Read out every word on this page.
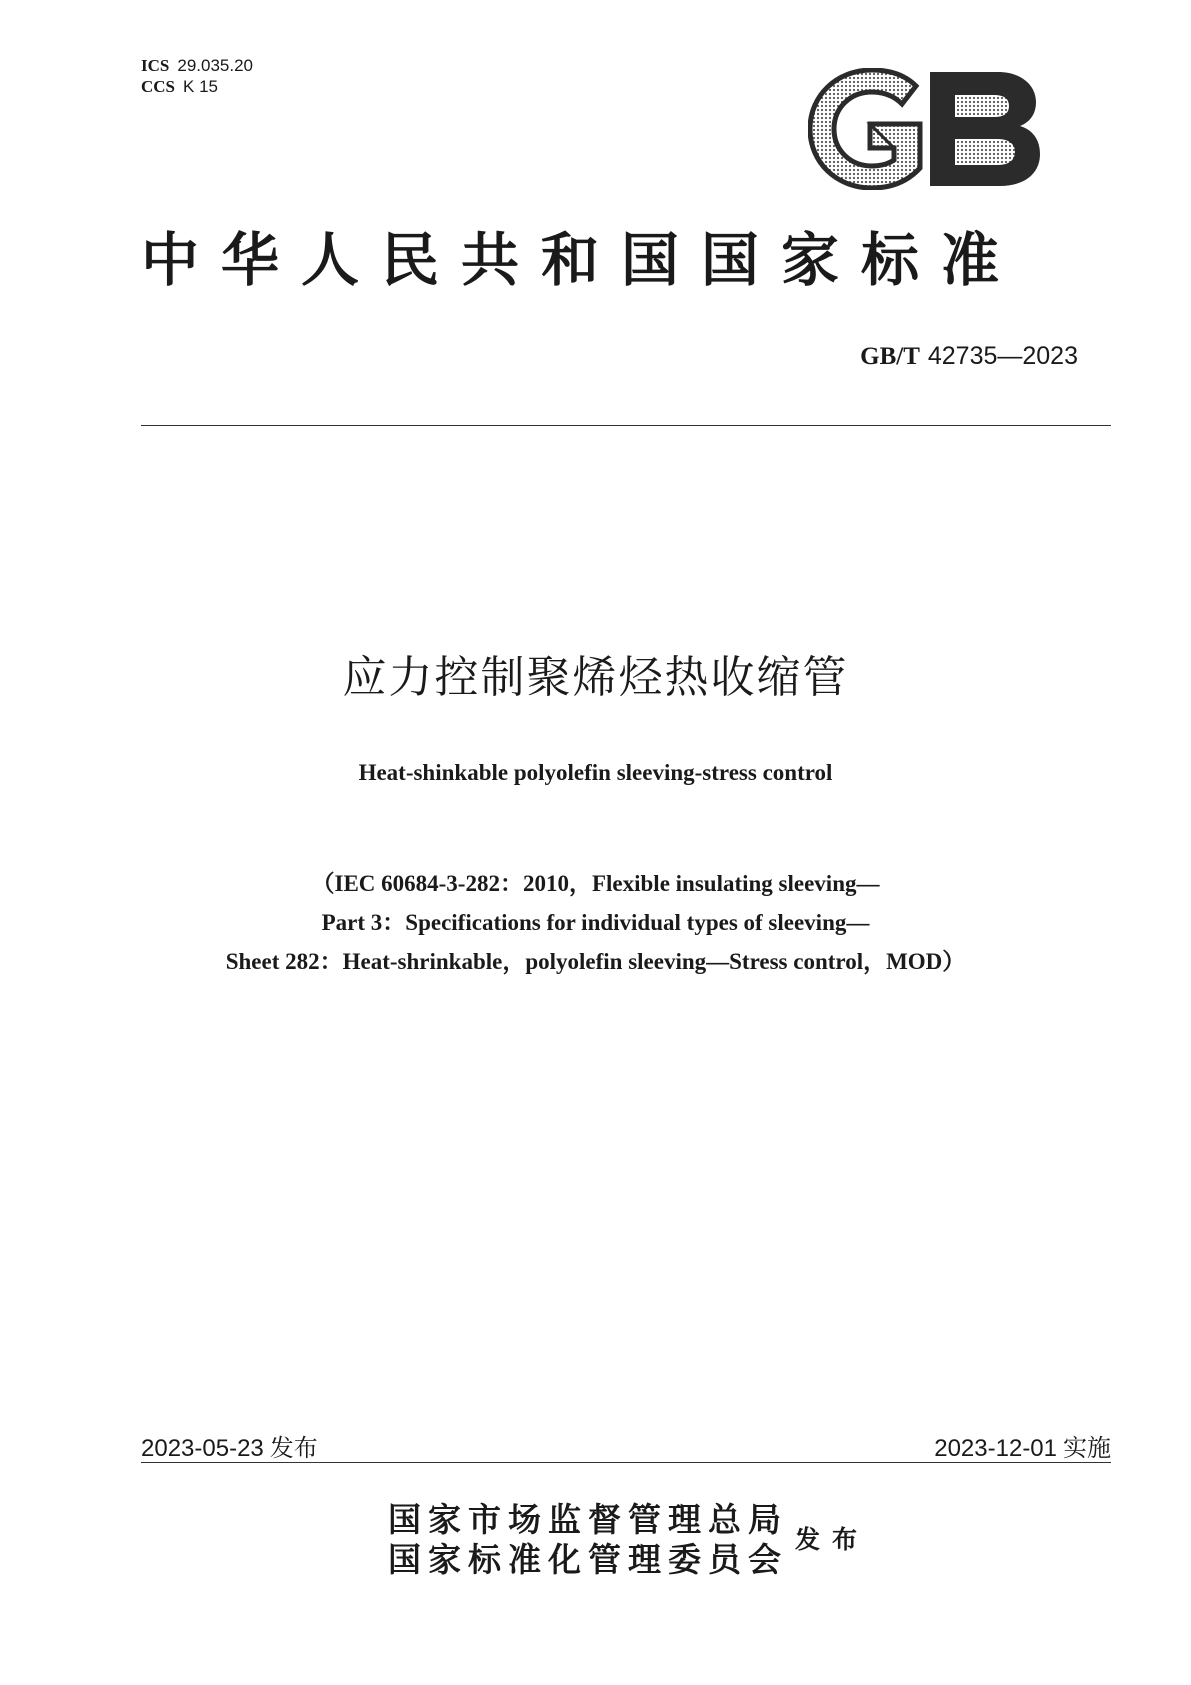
ICS 29.035.20
CCS K 15
中华人民共和国国家标准
GB/T 42735—2023
应力控制聚烯烃热收缩管
Heat-shinkable polyolefin sleeving-stress control
（IEC 60684-3-282：2010，Flexible insulating sleeving—
Part 3：Specifications for individual types of sleeving—
Sheet 282：Heat-shrinkable，polyolefin sleeving—Stress control，MOD）
2023-05-23 发布	2023-12-01 实施
国家市场监督管理总局
国家标准化管理委员会
发布
